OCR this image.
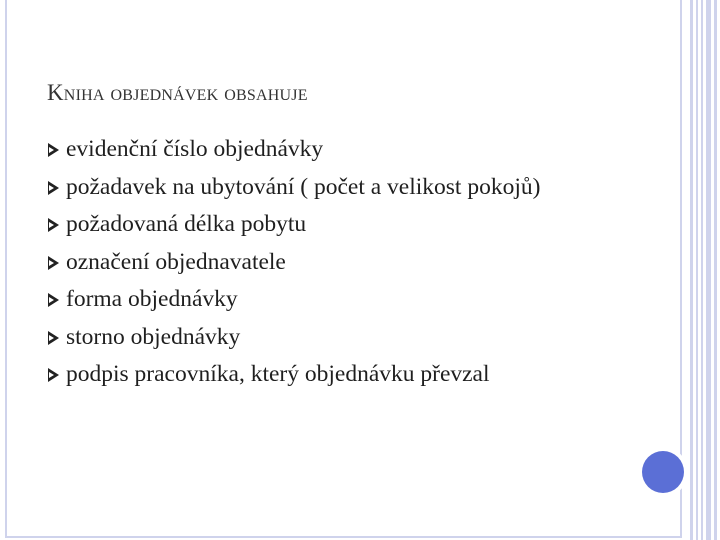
Kniha objednávek obsahuje
evidenční číslo objednávky
požadavek na ubytování ( počet a velikost pokojů)
požadovaná délka pobytu
označení objednavatele
forma objednávky
storno objednávky
podpis pracovníka, který objednávku převzal
